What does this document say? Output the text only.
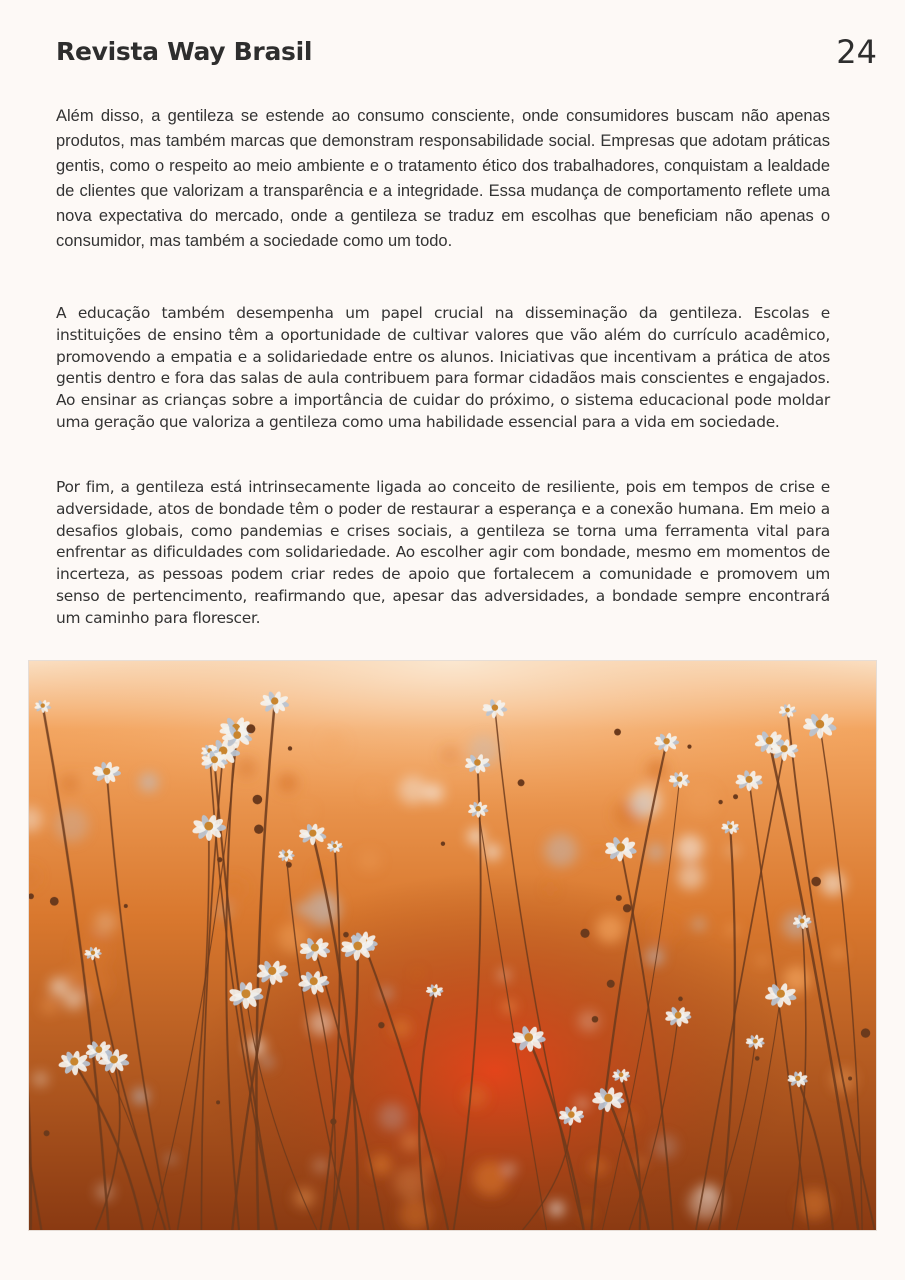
Revista Way Brasil	24

Além disso, a gentileza se estende ao consumo consciente, onde consumidores buscam não apenas produtos, mas também marcas que demonstram responsabilidade social. Empresas que adotam práticas gentis, como o respeito ao meio ambiente e o tratamento ético dos trabalhadores, conquistam a lealdade de clientes que valorizam a transparência e a integridade. Essa mudança de comportamento reflete uma nova expectativa do mercado, onde a gentileza se traduz em escolhas que beneficiam não apenas o consumidor, mas também a sociedade como um todo.

A educação também desempenha um papel crucial na disseminação da gentileza. Escolas e instituições de ensino têm a oportunidade de cultivar valores que vão além do currículo acadêmico, promovendo a empatia e a solidariedade entre os alunos. Iniciativas que incentivam a prática de atos gentis dentro e fora das salas de aula contribuem para formar cidadãos mais conscientes e engajados. Ao ensinar as crianças sobre a importância de cuidar do próximo, o sistema educacional pode moldar uma geração que valoriza a gentileza como uma habilidade essencial para a vida em sociedade.

Por fim, a gentileza está intrinsecamente ligada ao conceito de resiliente, pois em tempos de crise e adversidade, atos de bondade têm o poder de restaurar a esperança e a conexão humana. Em meio a desafios globais, como pandemias e crises sociais, a gentileza se torna uma ferramenta vital para enfrentar as dificuldades com solidariedade. Ao escolher agir com bondade, mesmo em momentos de incerteza, as pessoas podem criar redes de apoio que fortalecem a comunidade e promovem um senso de pertencimento, reafirmando que, apesar das adversidades, a bondade sempre encontrará um caminho para florescer.
